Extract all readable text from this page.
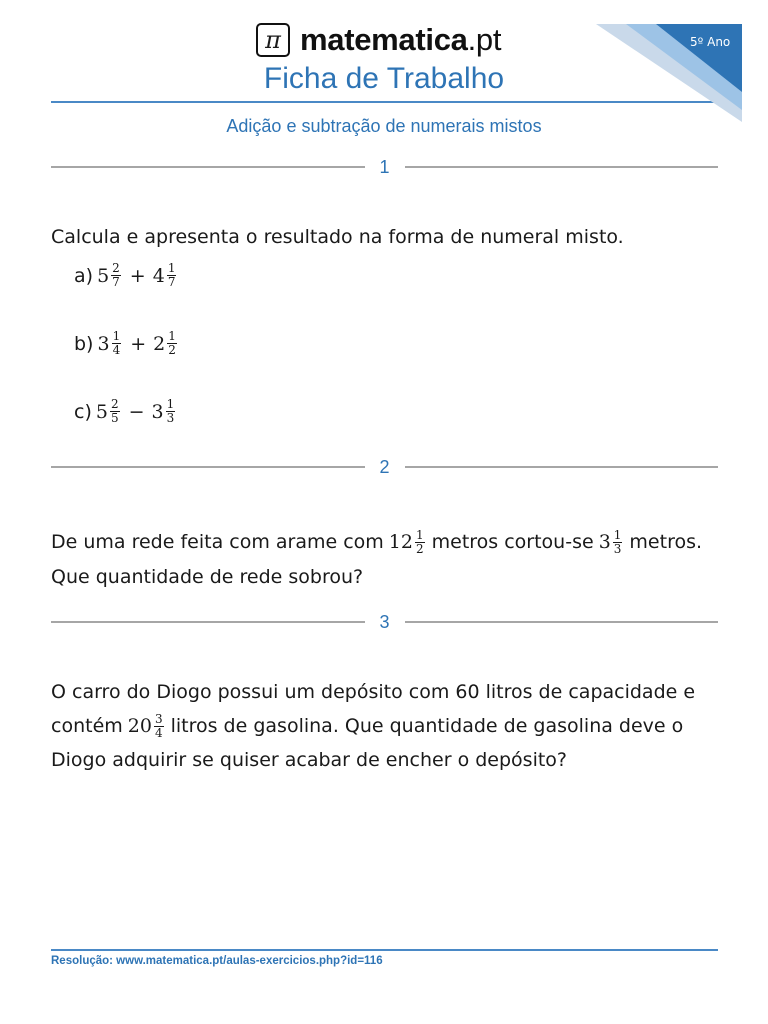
π matematica.pt
Ficha de Trabalho
Adição e subtração de numerais mistos
5º Ano
1
Calcula e apresenta o resultado na forma de numeral misto.
a) $5 \frac{2}{7} + 4 \frac{1}{7}$
b) $3 \frac{1}{4} + 2 \frac{1}{2}$
c) $5 \frac{2}{5} - 3 \frac{1}{3}$
2
De uma rede feita com arame com $12 \frac{1}{2}$ metros cortou-se $3 \frac{1}{3}$ metros.
Que quantidade de rede sobrou?
3
O carro do Diogo possui um depósito com 60 litros de capacidade e
contém $20 \frac{3}{4}$ litros de gasolina. Que quantidade de gasolina deve o
Diogo adquirir se quiser acabar de encher o depósito?
Resolução: www.matematica.pt/aulas-exercicios.php?id=116
